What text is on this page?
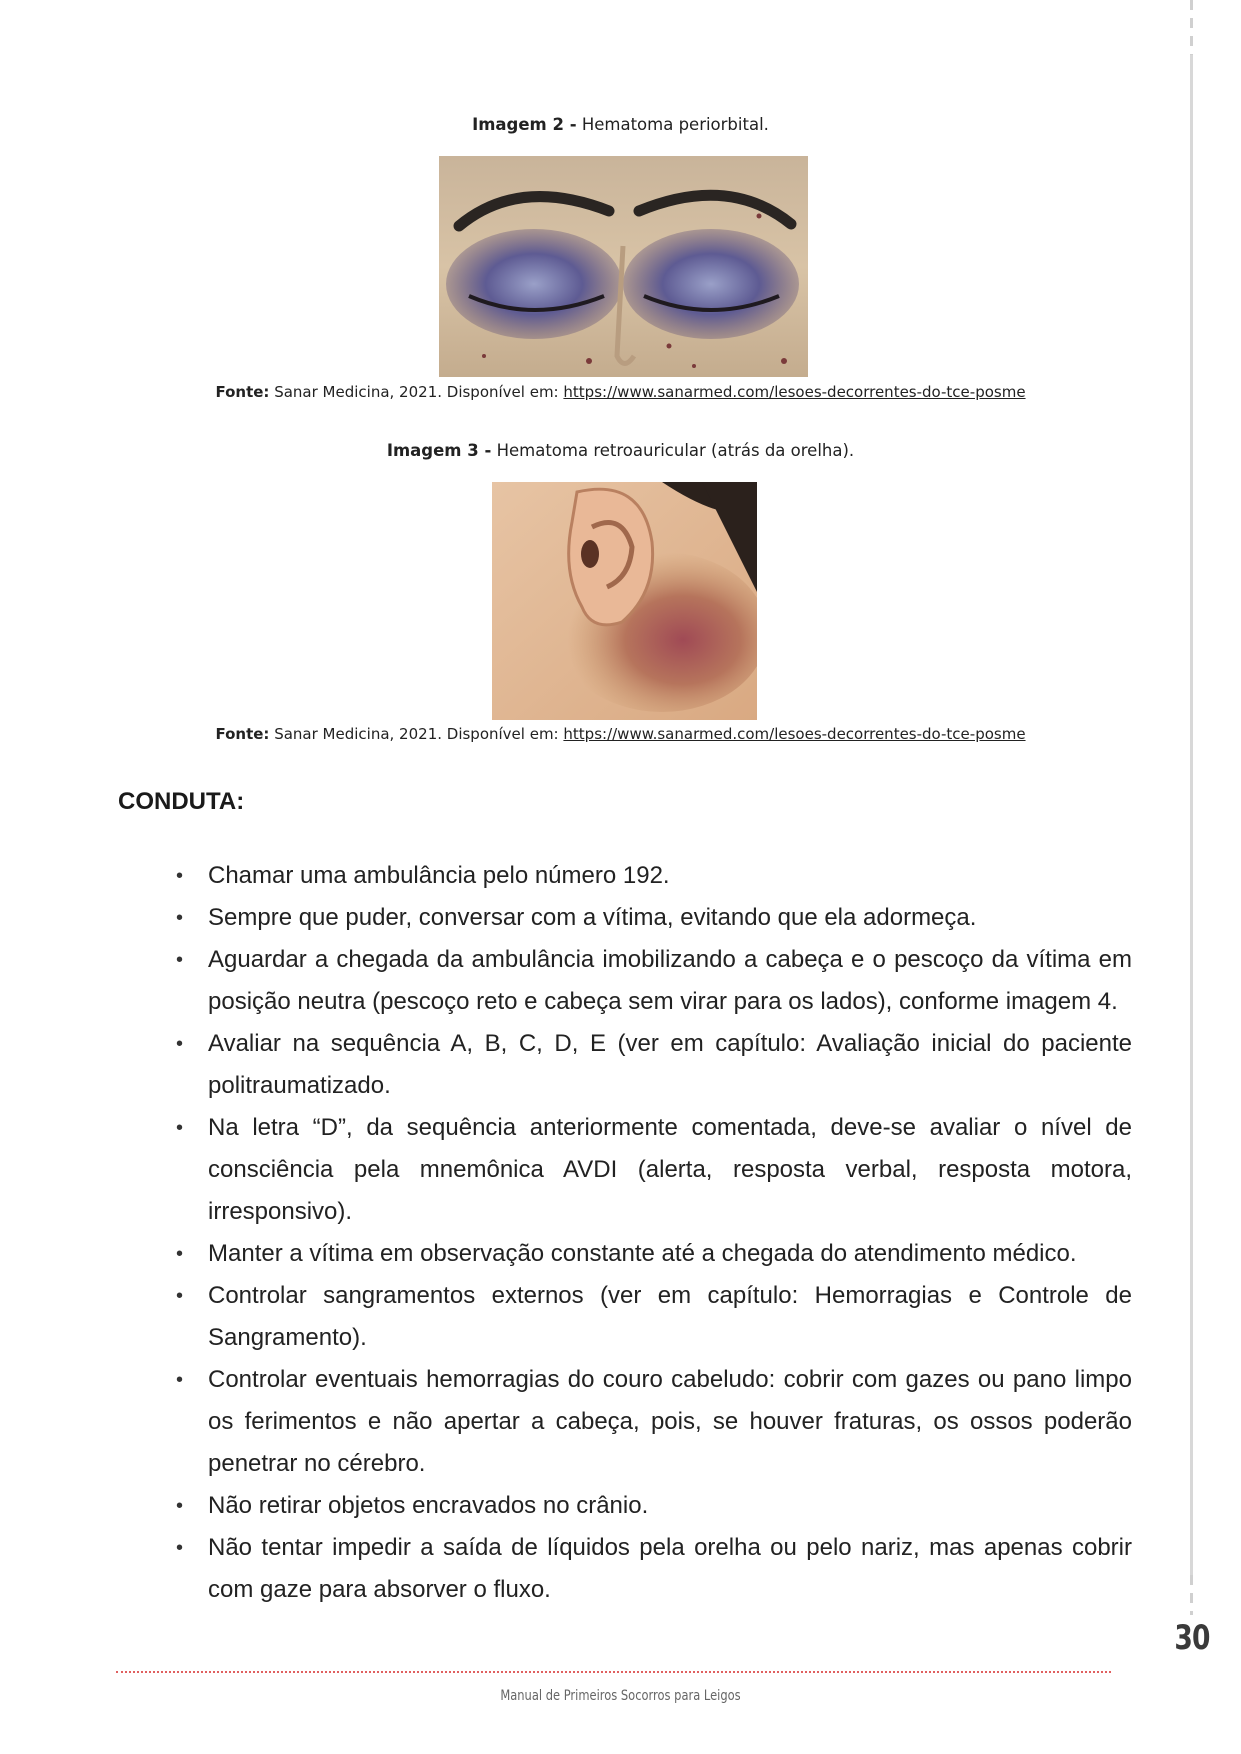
Imagem 2 - Hematoma periorbital.
Fonte: Sanar Medicina, 2021. Disponível em: https://www.sanarmed.com/lesoes-decorrentes-do-tce-posme
Imagem 3 - Hematoma retroauricular (atrás da orelha).
Fonte: Sanar Medicina, 2021. Disponível em: https://www.sanarmed.com/lesoes-decorrentes-do-tce-posme
CONDUTA:
• Chamar uma ambulância pelo número 192.
• Sempre que puder, conversar com a vítima, evitando que ela adormeça.
• Aguardar a chegada da ambulância imobilizando a cabeça e o pescoço da vítima em posição neutra (pescoço reto e cabeça sem virar para os lados), conforme imagem 4.
• Avaliar na sequência A, B, C, D, E (ver em capítulo: Avaliação inicial do paciente politraumatizado.
• Na letra “D”, da sequência anteriormente comentada, deve-se avaliar o nível de consciência pela mnemônica AVDI (alerta, resposta verbal, resposta motora, irresponsivo).
• Manter a vítima em observação constante até a chegada do atendimento médico.
• Controlar sangramentos externos (ver em capítulo: Hemorragias e Controle de Sangramento).
• Controlar eventuais hemorragias do couro cabeludo: cobrir com gazes ou pano limpo os ferimentos e não apertar a cabeça, pois, se houver fraturas, os ossos poderão penetrar no cérebro.
• Não retirar objetos encravados no crânio.
• Não tentar impedir a saída de líquidos pela orelha ou pelo nariz, mas apenas cobrir com gaze para absorver o fluxo.
30
Manual de Primeiros Socorros para Leigos
